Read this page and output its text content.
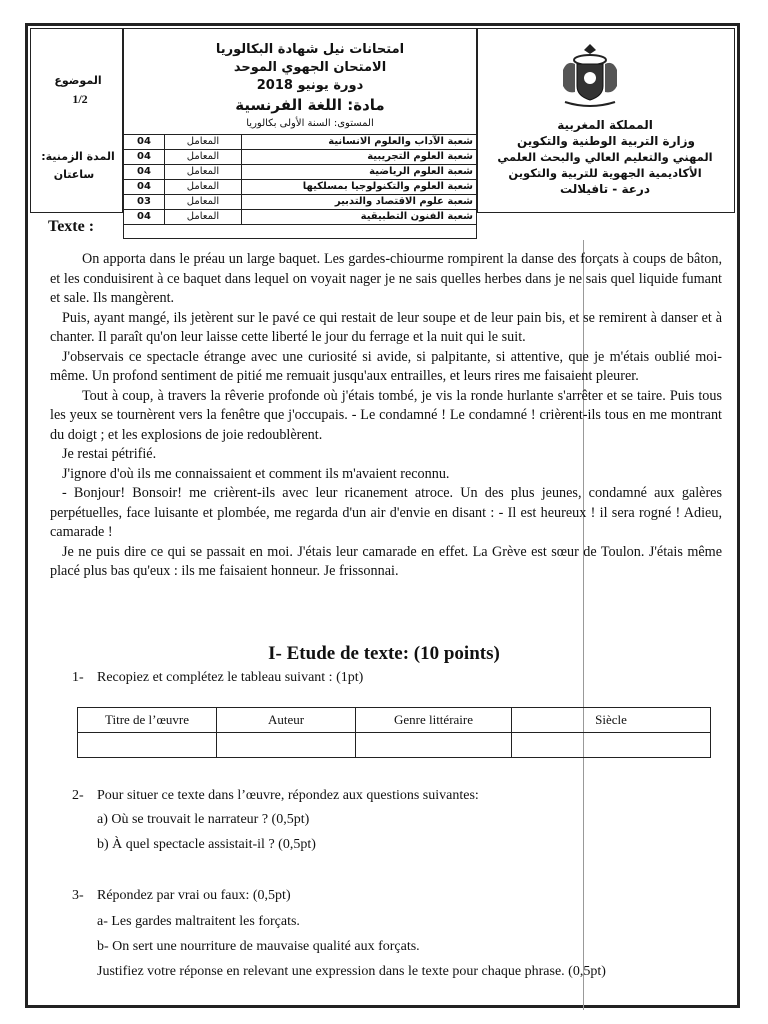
الموضوع
1/2
المدة الزمنية:
ساعتان
Texte :
امتحانات نيل شهادة البكالوريا
الامتحان الجهوي الموحد
دورة يونيو 2018
مادة: اللغة الفرنسية
المستوى: السنة الأولى بكالوريا
04	المعامل	شعبة الآداب والعلوم الانسانية
04	المعامل	شعبة العلوم التجريبية
04	المعامل	شعبة العلوم الرياضية
04	المعامل	شعبة العلوم والتكنولوجيا بمسلكيها
03	المعامل	شعبة علوم الاقتصاد والتدبير
04	المعامل	شعبة الفنون التطبيقية
المملكة المغربية
وزارة التربية الوطنية والتكوين
المهني والتعليم العالي والبحث العلمي
الأكاديمية الجهوية للتربية والتكوين
درعة - تافيلالت

On apporta dans le préau un large baquet. Les gardes-chiourme rompirent la danse des forçats à coups de bâton, et les conduisirent à ce baquet dans lequel on voyait nager je ne sais quelles herbes dans je ne sais quel liquide fumant et sale. Ils mangèrent.

Puis, ayant mangé, ils jetèrent sur le pavé ce qui restait de leur soupe et de leur pain bis, et se remirent à danser et à chanter. Il paraît qu'on leur laisse cette liberté le jour du ferrage et la nuit qui le suit.

J'observais ce spectacle étrange avec une curiosité si avide, si palpitante, si attentive, que je m'étais oublié moi-même. Un profond sentiment de pitié me remuait jusqu'aux entrailles, et leurs rires me faisaient pleurer.

Tout à coup, à travers la rêverie profonde où j'étais tombé, je vis la ronde hurlante s'arrêter et se taire. Puis tous les yeux se tournèrent vers la fenêtre que j'occupais. - Le condamné ! Le condamné ! crièrent-ils tous en me montrant du doigt ; et les explosions de joie redoublèrent.

Je restai pétrifié.

J'ignore d'où ils me connaissaient et comment ils m'avaient reconnu.

- Bonjour! Bonsoir! me crièrent-ils avec leur ricanement atroce. Un des plus jeunes, condamné aux galères perpétuelles, face luisante et plombée, me regarda d'un air d'envie en disant : - Il est heureux ! il sera rogné ! Adieu, camarade !

Je ne puis dire ce qui se passait en moi. J'étais leur camarade en effet. La Grève est sœur de Toulon. J'étais même placé plus bas qu'eux : ils me faisaient honneur. Je frissonnai.

I- Etude de texte: (10 points)
1- Recopiez et complétez le tableau suivant : (1pt)
Titre de l’œuvre	Auteur	Genre littéraire	Siècle

2- Pour situer ce texte dans l’œuvre, répondez aux questions suivantes:
a) Où se trouvait le narrateur ? (0,5pt)
b) À quel spectacle assistait-il ? (0,5pt)
3- Répondez par vrai ou faux: (0,5pt)
a- Les gardes maltraitent les forçats.
b- On sert une nourriture de mauvaise qualité aux forçats.
Justifiez votre réponse en relevant une expression dans le texte pour chaque phrase. (0,5pt)
